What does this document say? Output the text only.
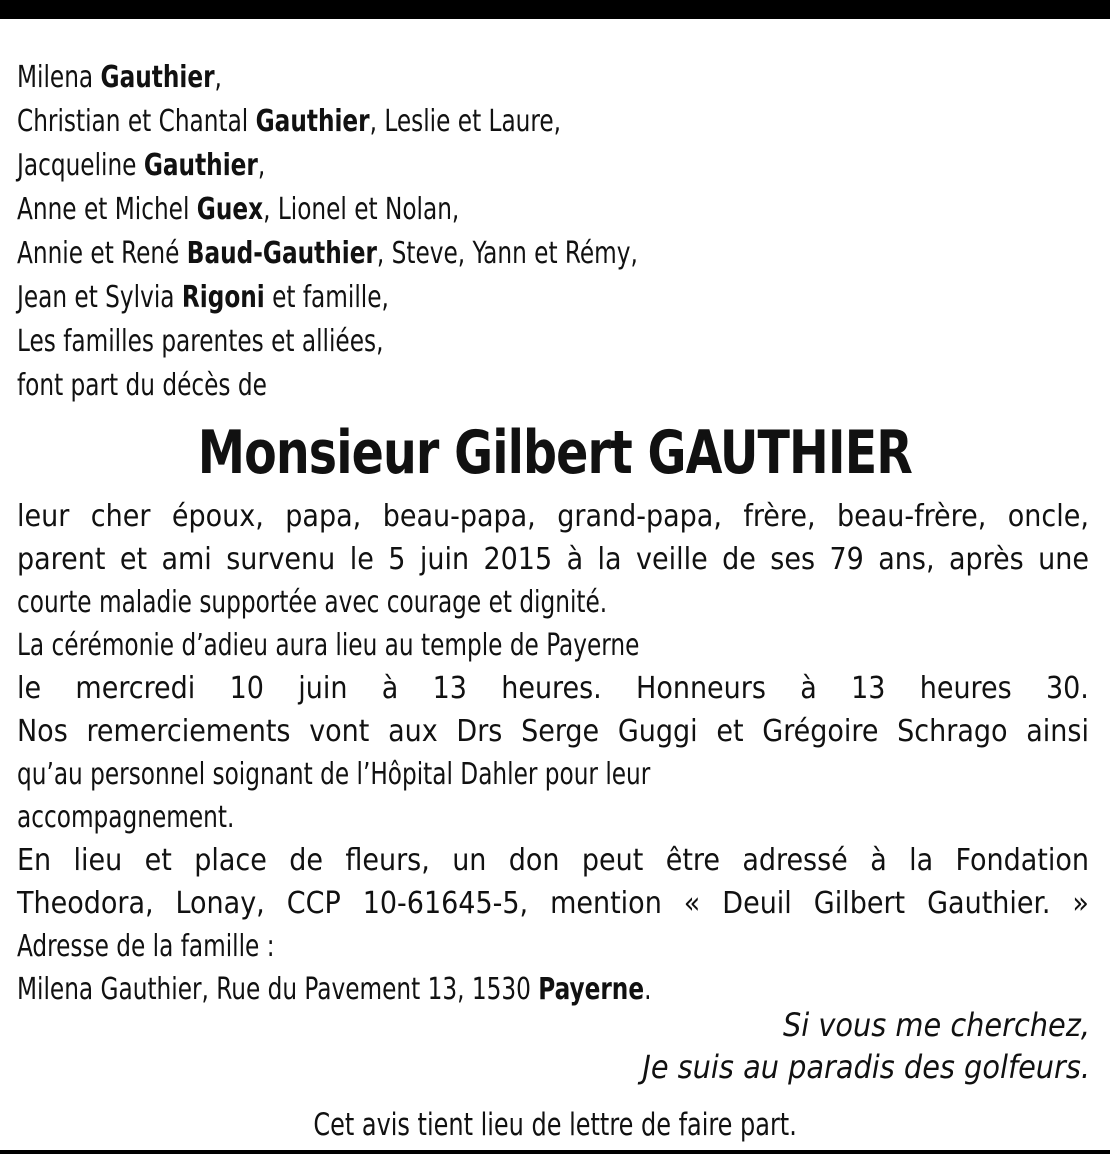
Milena Gauthier,
Christian et Chantal Gauthier, Leslie et Laure,
Jacqueline Gauthier,
Anne et Michel Guex, Lionel et Nolan,
Annie et René Baud-Gauthier, Steve, Yann et Rémy,
Jean et Sylvia Rigoni et famille,
Les familles parentes et alliées,
font part du décès de
Monsieur Gilbert GAUTHIER
leur cher époux, papa, beau-papa, grand-papa, frère, beau-frère, oncle,
parent et ami survenu le 5 juin 2015 à la veille de ses 79 ans, après une
courte maladie supportée avec courage et dignité.
La cérémonie d’adieu aura lieu au temple de Payerne
le mercredi 10 juin à 13 heures. Honneurs à 13 heures 30.
Nos remerciements vont aux Drs Serge Guggi et Grégoire Schrago ainsi
qu’au personnel soignant de l’Hôpital Dahler pour leur
accompagnement.
En lieu et place de fleurs, un don peut être adressé à la Fondation
Theodora, Lonay, CCP 10-61645-5, mention « Deuil Gilbert Gauthier. »
Adresse de la famille :
Milena Gauthier, Rue du Pavement 13, 1530 Payerne.
Si vous me cherchez,
Je suis au paradis des golfeurs.
Cet avis tient lieu de lettre de faire part.
